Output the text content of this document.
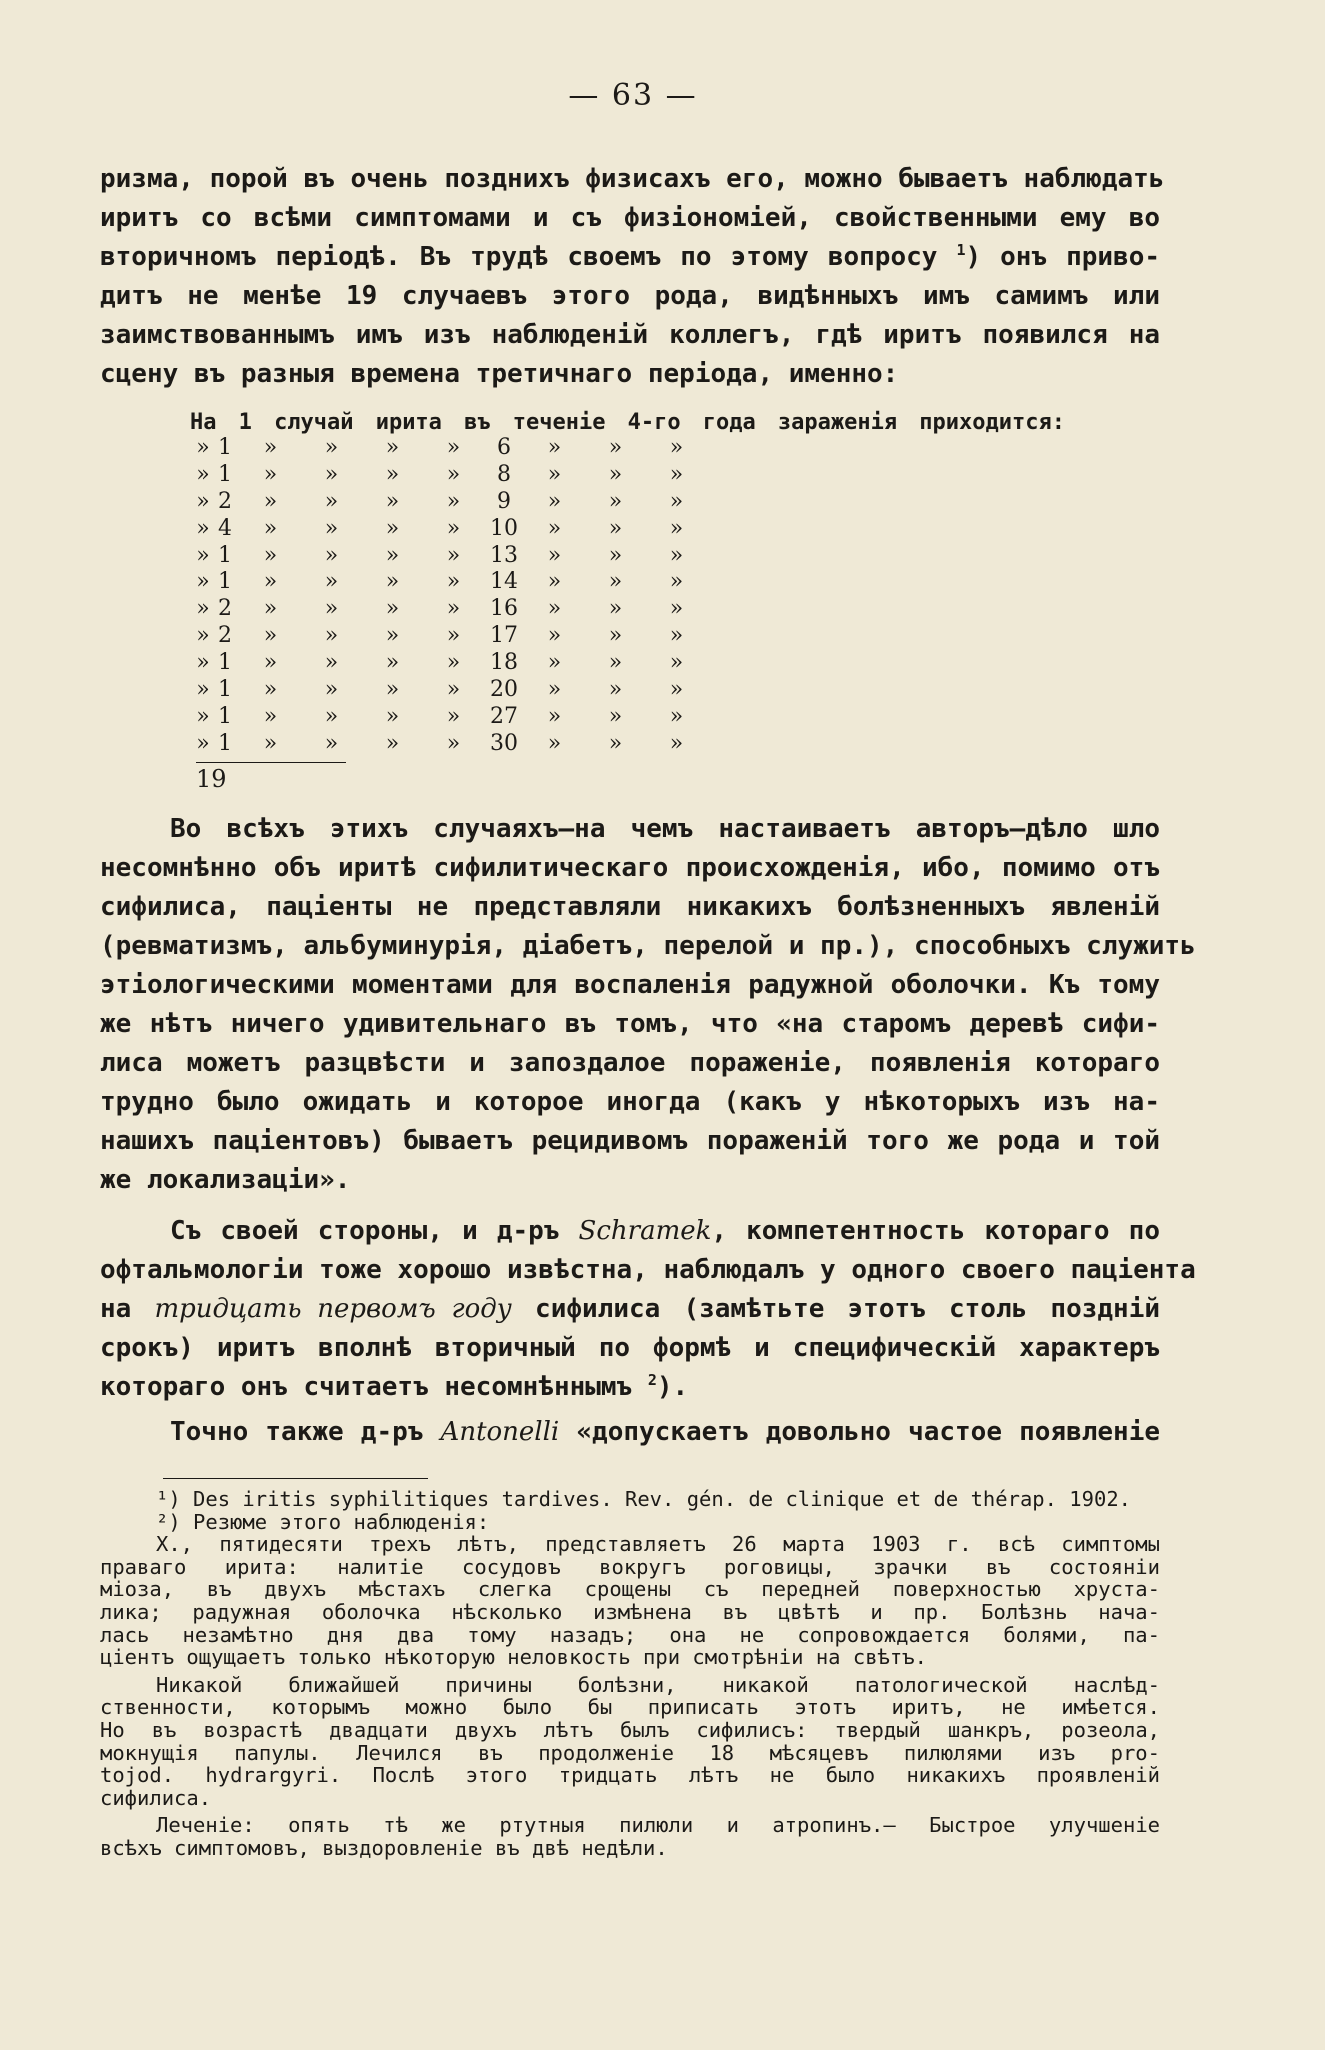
— 63 —
ризма, порой въ очень позднихъ физисахъ его, можно бываетъ наблюдать
иритъ со всѣми симптомами и съ физіономіей, свойственными ему во
вторичномъ періодѣ. Въ трудѣ своемъ по этому вопросу $^1$) онъ приво-
дитъ не менѣе 19 случаевъ этого рода, видѣнныхъ имъ самимъ или
заимствованнымъ имъ изъ наблюденій коллегъ, гдѣ иритъ появился на
сцену въ разныя времена третичнаго періода, именно:
На 1 случай ирита въ теченіе 4-го года зараженія приходится:
»	1	»	»	»	»	6	»	»	»
»	1	»	»	»	»	8	»	»	»
»	2	»	»	»	»	9	»	»	»
»	4	»	»	»	»	10	»	»	»
»	1	»	»	»	»	13	»	»	»
»	1	»	»	»	»	14	»	»	»
»	2	»	»	»	»	16	»	»	»
»	2	»	»	»	»	17	»	»	»
»	1	»	»	»	»	18	»	»	»
»	1	»	»	»	»	20	»	»	»
»	1	»	»	»	»	27	»	»	»
»	1	»	»	»	»	30	»	»	»
19
Во всѣхъ этихъ случаяхъ—на чемъ настаиваетъ авторъ—дѣло шло
несомнѣнно объ иритѣ сифилитическаго происхожденія, ибо, помимо отъ
сифилиса, паціенты не представляли никакихъ болѣзненныхъ явленій
(ревматизмъ, альбуминурія, діабетъ, перелой и пр.), способныхъ служить
этіологическими моментами для воспаленія радужной оболочки. Къ тому
же нѣтъ ничего удивительнаго въ томъ, что «на старомъ деревѣ сифи-
лиса можетъ разцвѣсти и запоздалое пораженіе, появленія котораго
трудно было ожидать и которое иногда (какъ у нѣкоторыхъ изъ на-
нашихъ паціентовъ) бываетъ рецидивомъ пораженій того же рода и той
же локализаціи».
Съ своей стороны, и д-ръ Schramek, компетентность котораго по
офтальмологіи тоже хорошо извѣстна, наблюдалъ у одного своего паціента
на тридцать первомъ году сифилиса (замѣтьте этотъ столь поздній
срокъ) иритъ вполнѣ вторичный по формѣ и специфическій характеръ
котораго онъ считаетъ несомнѣннымъ $^2$).
Точно также д-ръ Antonelli «допускаетъ довольно частое появленіе
¹) Des iritis syphilitiques tardives. Rev. gén. de clinique et de thérap. 1902.
²) Резюме этого наблюденія:
X., пятидесяти трехъ лѣтъ, представляетъ 26 марта 1903 г. всѣ симптомы
праваго ирита: налитіе сосудовъ вокругъ роговицы, зрачки въ состояніи
міоза, въ двухъ мѣстахъ слегка срощены съ передней поверхностью хруста-
лика; радужная оболочка нѣсколько измѣнена въ цвѣтѣ и пр. Болѣзнь нача-
лась незамѣтно дня два тому назадъ; она не сопровождается болями, па-
ціентъ ощущаетъ только нѣкоторую неловкость при смотрѣніи на свѣтъ.
Никакой ближайшей причины болѣзни, никакой патологической наслѣд-
ственности, которымъ можно было бы приписать этотъ иритъ, не имѣется.
Но въ возрастѣ двадцати двухъ лѣтъ былъ сифилисъ: твердый шанкръ, розеола,
мокнущія папулы. Лечился въ продолженіе 18 мѣсяцевъ пилюлями изъ pro-
tojod. hydrargyri. Послѣ этого тридцать лѣтъ не было никакихъ проявленій
сифилиса.
Леченіе: опять тѣ же ртутныя пилюли и атропинъ.— Быстрое улучшеніе
всѣхъ симптомовъ, выздоровленіе въ двѣ недѣли.
